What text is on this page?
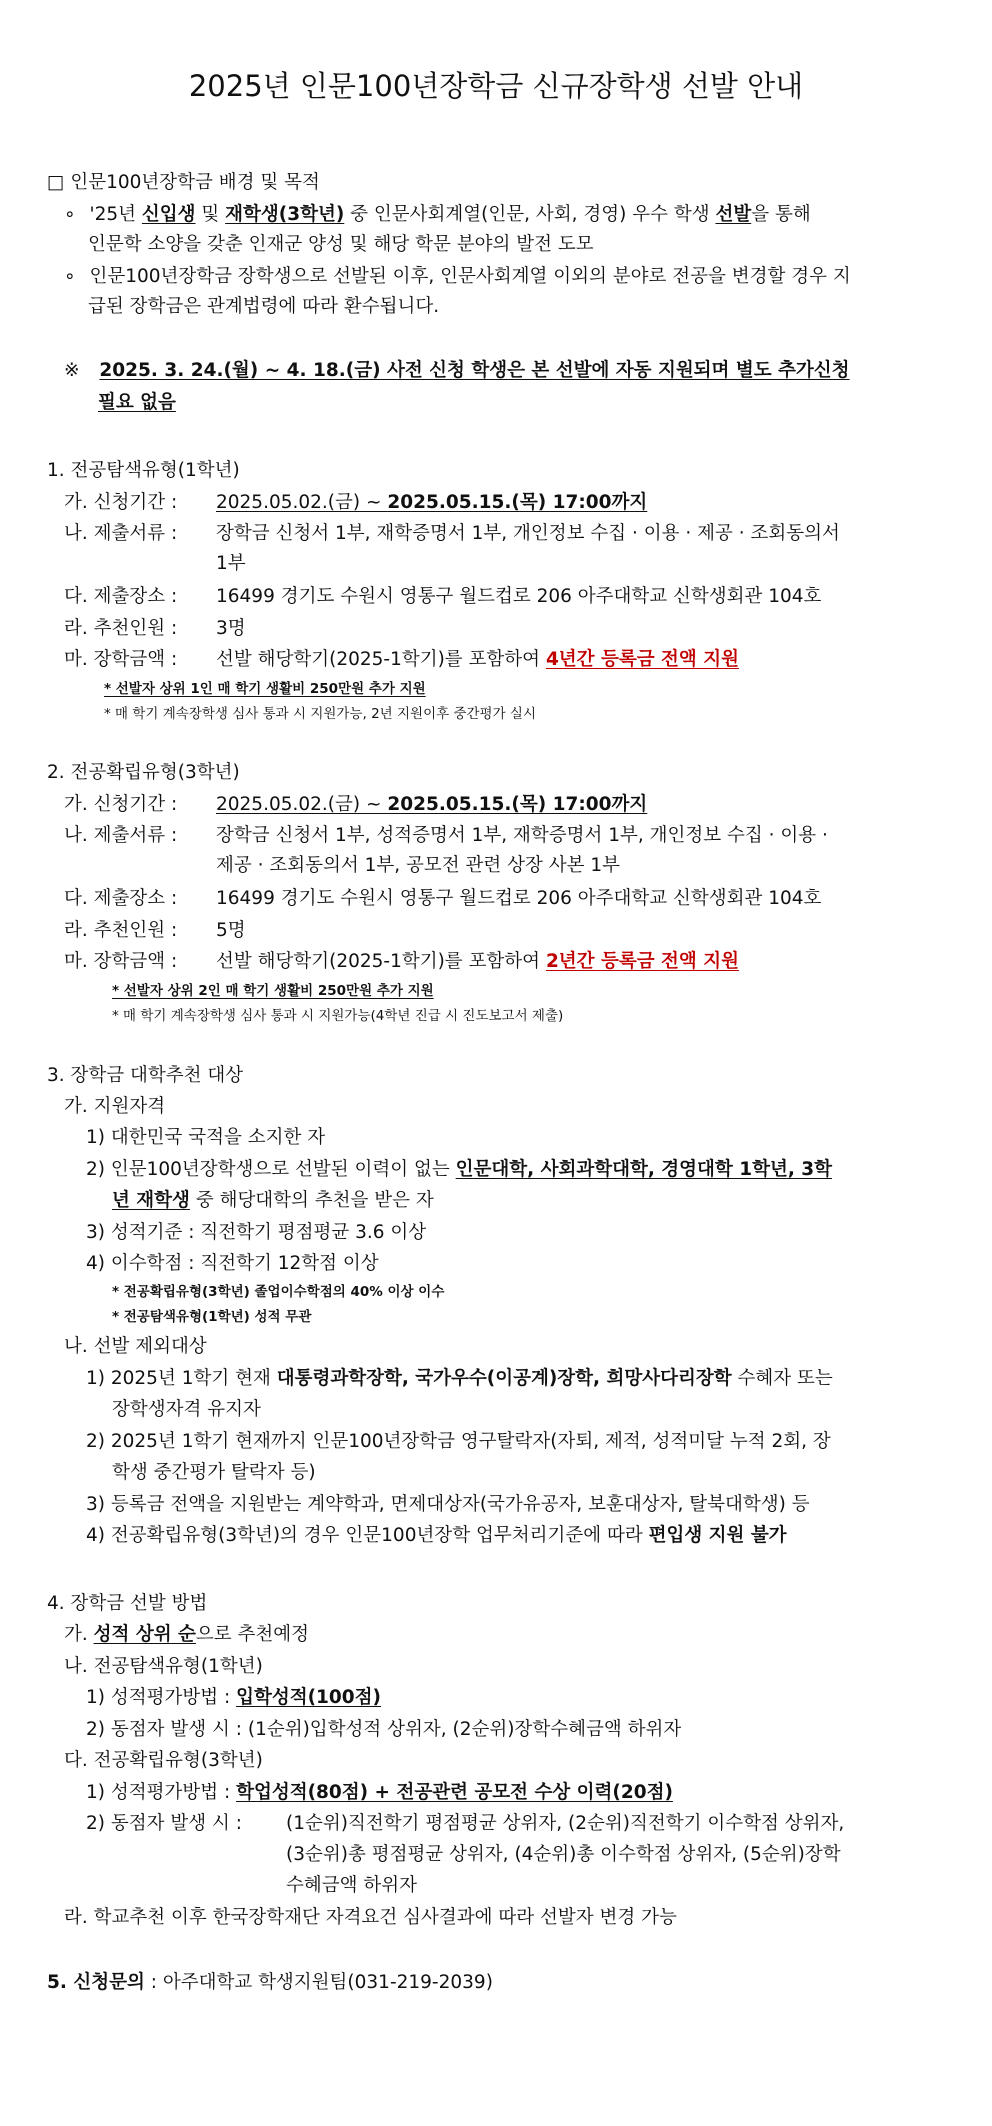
2025년 인문100년장학금 신규장학생 선발 안내
□ 인문100년장학금 배경 및 목적
∘ '25년 신입생 및 재학생(3학년) 중 인문사회계열(인문, 사회, 경영) 우수 학생 선발을 통해
인문학 소양을 갖춘 인재군 양성 및 해당 학문 분야의 발전 도모
∘ 인문100년장학금 장학생으로 선발된 이후, 인문사회계열 이외의 분야로 전공을 변경할 경우 지
급된 장학금은 관계법령에 따라 환수됩니다.
※ 2025. 3. 24.(월) ~ 4. 18.(금) 사전 신청 학생은 본 선발에 자동 지원되며 별도 추가신청
필요 없음
1. 전공탐색유형(1학년)
가. 신청기간 : 2025.05.02.(금) ~ 2025.05.15.(목) 17:00까지
나. 제출서류 : 장학금 신청서 1부, 재학증명서 1부, 개인정보 수집 · 이용 · 제공 · 조회동의서
1부
다. 제출장소 : 16499 경기도 수원시 영통구 월드컵로 206 아주대학교 신학생회관 104호
라. 추천인원 : 3명
마. 장학금액 : 선발 해당학기(2025-1학기)를 포함하여 4년간 등록금 전액 지원
* 선발자 상위 1인 매 학기 생활비 250만원 추가 지원
* 매 학기 계속장학생 심사 통과 시 지원가능, 2년 지원이후 중간평가 실시
2. 전공확립유형(3학년)
가. 신청기간 : 2025.05.02.(금) ~ 2025.05.15.(목) 17:00까지
나. 제출서류 : 장학금 신청서 1부, 성적증명서 1부, 재학증명서 1부, 개인정보 수집 · 이용 ·
제공 · 조회동의서 1부, 공모전 관련 상장 사본 1부
다. 제출장소 : 16499 경기도 수원시 영통구 월드컵로 206 아주대학교 신학생회관 104호
라. 추천인원 : 5명
마. 장학금액 : 선발 해당학기(2025-1학기)를 포함하여 2년간 등록금 전액 지원
* 선발자 상위 2인 매 학기 생활비 250만원 추가 지원
* 매 학기 계속장학생 심사 통과 시 지원가능(4학년 진급 시 진도보고서 제출)
3. 장학금 대학추천 대상
가. 지원자격
1) 대한민국 국적을 소지한 자
2) 인문100년장학생으로 선발된 이력이 없는 인문대학, 사회과학대학, 경영대학 1학년, 3학
년 재학생 중 해당대학의 추천을 받은 자
3) 성적기준 : 직전학기 평점평균 3.6 이상
4) 이수학점 : 직전학기 12학점 이상
* 전공확립유형(3학년) 졸업이수학점의 40% 이상 이수
* 전공탐색유형(1학년) 성적 무관
나. 선발 제외대상
1) 2025년 1학기 현재 대통령과학장학, 국가우수(이공계)장학, 희망사다리장학 수혜자 또는
장학생자격 유지자
2) 2025년 1학기 현재까지 인문100년장학금 영구탈락자(자퇴, 제적, 성적미달 누적 2회, 장
학생 중간평가 탈락자 등)
3) 등록금 전액을 지원받는 계약학과, 면제대상자(국가유공자, 보훈대상자, 탈북대학생) 등
4) 전공확립유형(3학년)의 경우 인문100년장학 업무처리기준에 따라 편입생 지원 불가
4. 장학금 선발 방법
가. 성적 상위 순으로 추천예정
나. 전공탐색유형(1학년)
1) 성적평가방법 : 입학성적(100점)
2) 동점자 발생 시 : (1순위)입학성적 상위자, (2순위)장학수혜금액 하위자
다. 전공확립유형(3학년)
1) 성적평가방법 : 학업성적(80점) + 전공관련 공모전 수상 이력(20점)
2) 동점자 발생 시 : (1순위)직전학기 평점평균 상위자, (2순위)직전학기 이수학점 상위자,
(3순위)총 평점평균 상위자, (4순위)총 이수학점 상위자, (5순위)장학
수혜금액 하위자
라. 학교추천 이후 한국장학재단 자격요건 심사결과에 따라 선발자 변경 가능
5. 신청문의 : 아주대학교 학생지원팀(031-219-2039)
